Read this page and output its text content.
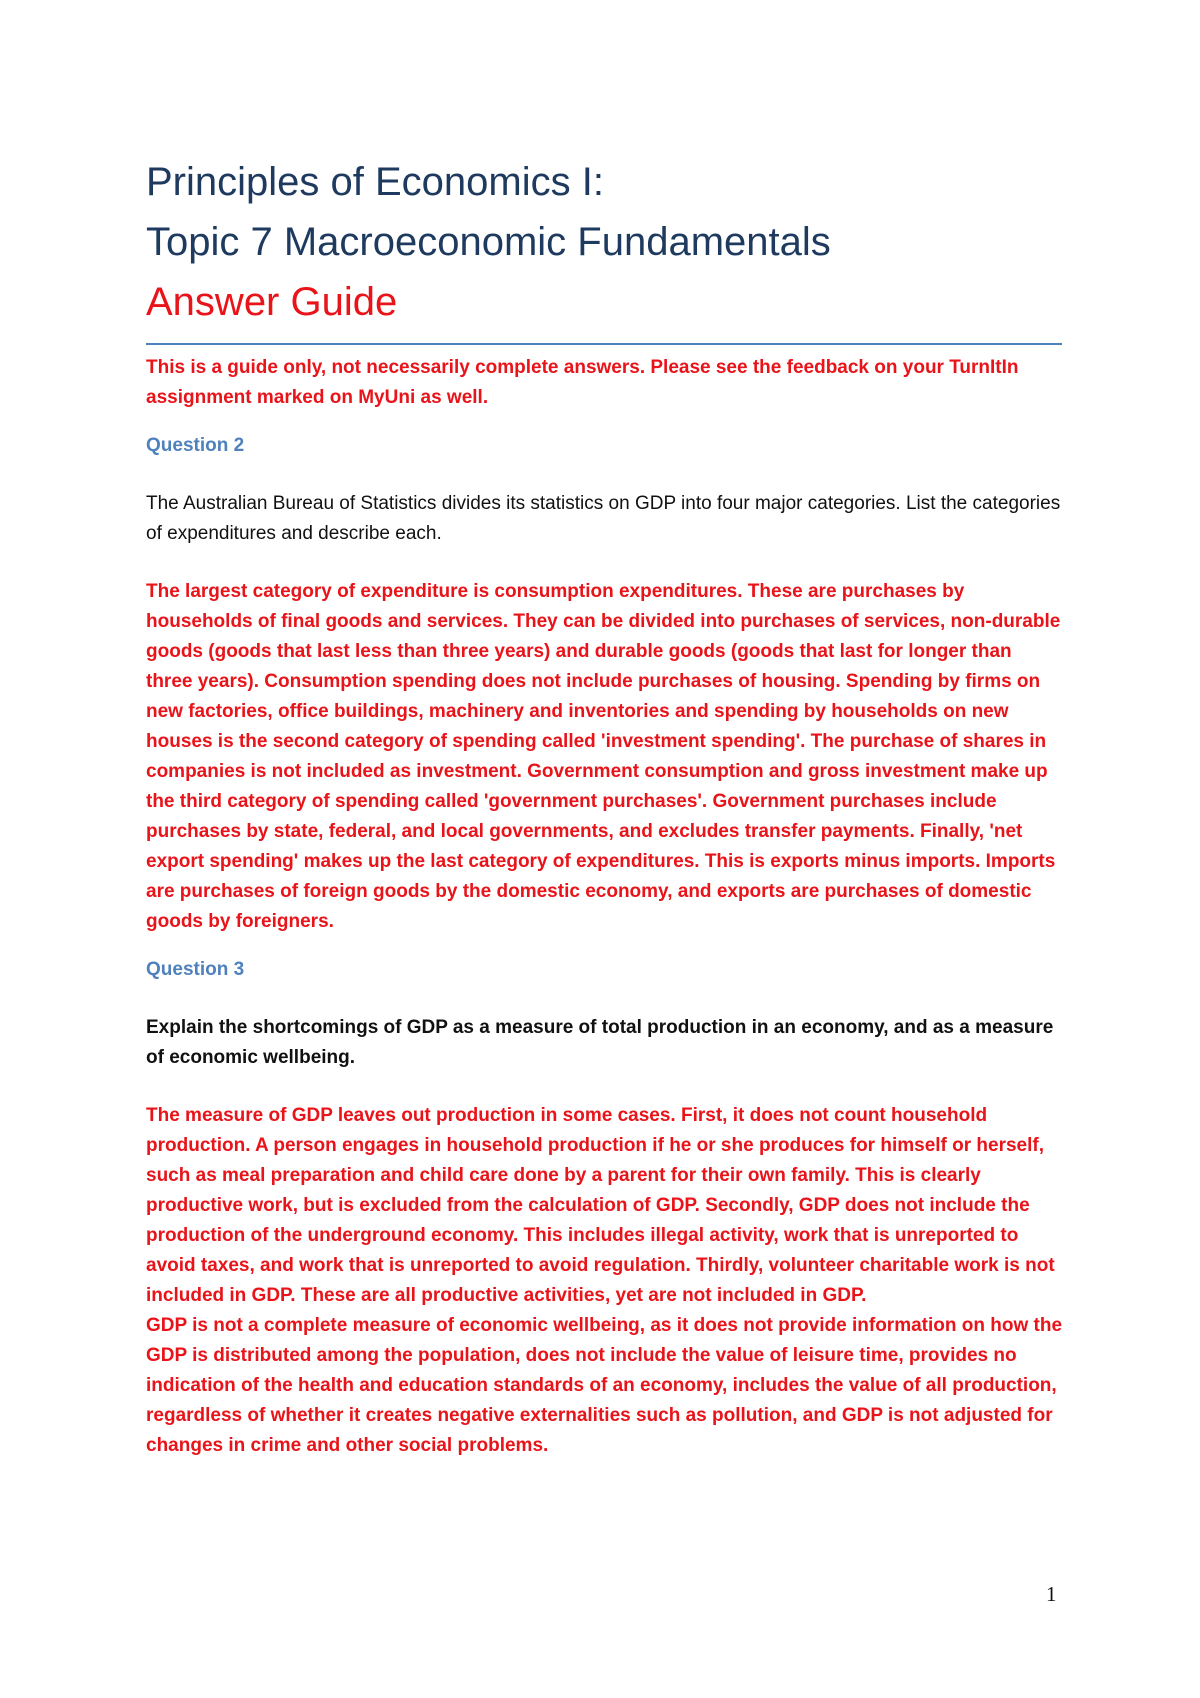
Principles of Economics I:
Topic 7 Macroeconomic Fundamentals
Answer Guide

This is a guide only, not necessarily complete answers. Please see the feedback on your TurnItIn assignment marked on MyUni as well.

Question 2

The Australian Bureau of Statistics divides its statistics on GDP into four major categories. List the categories of expenditures and describe each.

The largest category of expenditure is consumption expenditures. These are purchases by households of final goods and services. They can be divided into purchases of services, non-durable goods (goods that last less than three years) and durable goods (goods that last for longer than three years). Consumption spending does not include purchases of housing. Spending by firms on new factories, office buildings, machinery and inventories and spending by households on new houses is the second category of spending called 'investment spending'. The purchase of shares in companies is not included as investment. Government consumption and gross investment make up the third category of spending called 'government purchases'. Government purchases include purchases by state, federal, and local governments, and excludes transfer payments. Finally, 'net export spending' makes up the last category of expenditures. This is exports minus imports. Imports are purchases of foreign goods by the domestic economy, and exports are purchases of domestic goods by foreigners.

Question 3

Explain the shortcomings of GDP as a measure of total production in an economy, and as a measure of economic wellbeing.

The measure of GDP leaves out production in some cases. First, it does not count household production. A person engages in household production if he or she produces for himself or herself, such as meal preparation and child care done by a parent for their own family. This is clearly productive work, but is excluded from the calculation of GDP. Secondly, GDP does not include the production of the underground economy. This includes illegal activity, work that is unreported to avoid taxes, and work that is unreported to avoid regulation. Thirdly, volunteer charitable work is not included in GDP. These are all productive activities, yet are not included in GDP.

GDP is not a complete measure of economic wellbeing, as it does not provide information on how the GDP is distributed among the population, does not include the value of leisure time, provides no indication of the health and education standards of an economy, includes the value of all production, regardless of whether it creates negative externalities such as pollution, and GDP is not adjusted for changes in crime and other social problems.

1
